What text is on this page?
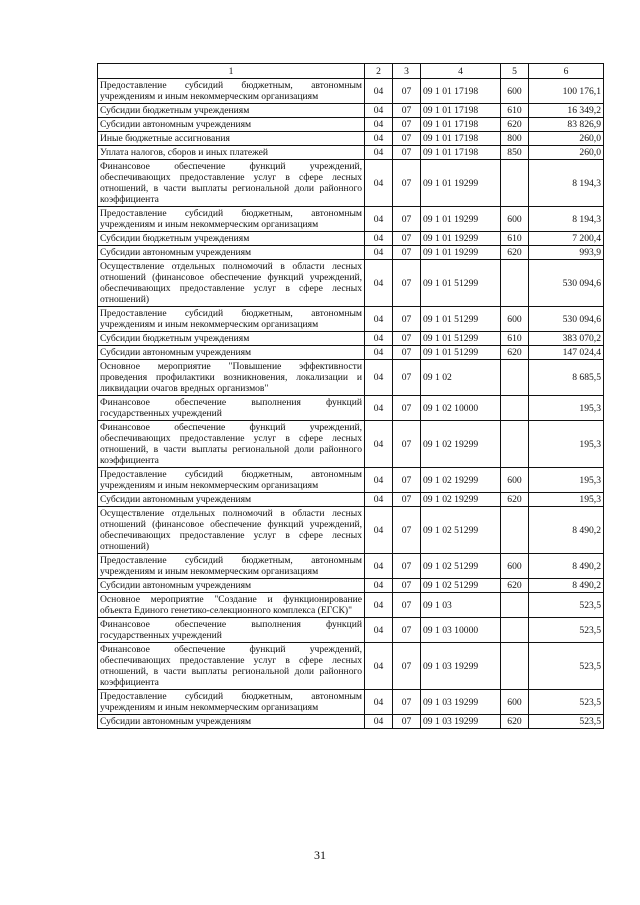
1	2	3	4	5	6
Предоставление субсидий бюджетным, автономным учреждениям и иным некоммерческим организациям	04	07	09 1 01 17198	600	100 176,1
Субсидии бюджетным учреждениям	04	07	09 1 01 17198	610	16 349,2
Субсидии автономным учреждениям	04	07	09 1 01 17198	620	83 826,9
Иные бюджетные ассигнования	04	07	09 1 01 17198	800	260,0
Уплата налогов, сборов и иных платежей	04	07	09 1 01 17198	850	260,0
Финансовое обеспечение функций учреждений, обеспечивающих предоставление услуг в сфере лесных отношений, в части выплаты региональной доли районного коэффициента	04	07	09 1 01 19299		8 194,3
Предоставление субсидий бюджетным, автономным учреждениям и иным некоммерческим организациям	04	07	09 1 01 19299	600	8 194,3
Субсидии бюджетным учреждениям	04	07	09 1 01 19299	610	7 200,4
Субсидии автономным учреждениям	04	07	09 1 01 19299	620	993,9
Осуществление отдельных полномочий в области лесных отношений (финансовое обеспечение функций учреждений, обеспечивающих предоставление услуг в сфере лесных отношений)	04	07	09 1 01 51299		530 094,6
Предоставление субсидий бюджетным, автономным учреждениям и иным некоммерческим организациям	04	07	09 1 01 51299	600	530 094,6
Субсидии бюджетным учреждениям	04	07	09 1 01 51299	610	383 070,2
Субсидии автономным учреждениям	04	07	09 1 01 51299	620	147 024,4
Основное мероприятие "Повышение эффективности проведения профилактики возникновения, локализации и ликвидации очагов вредных организмов"	04	07	09 1 02		8 685,5
Финансовое обеспечение выполнения функций государственных учреждений	04	07	09 1 02 10000		195,3
Финансовое обеспечение функций учреждений, обеспечивающих предоставление услуг в сфере лесных отношений, в части выплаты региональной доли районного коэффициента	04	07	09 1 02 19299		195,3
Предоставление субсидий бюджетным, автономным учреждениям и иным некоммерческим организациям	04	07	09 1 02 19299	600	195,3
Субсидии автономным учреждениям	04	07	09 1 02 19299	620	195,3
Осуществление отдельных полномочий в области лесных отношений (финансовое обеспечение функций учреждений, обеспечивающих предоставление услуг в сфере лесных отношений)	04	07	09 1 02 51299		8 490,2
Предоставление субсидий бюджетным, автономным учреждениям и иным некоммерческим организациям	04	07	09 1 02 51299	600	8 490,2
Субсидии автономным учреждениям	04	07	09 1 02 51299	620	8 490,2
Основное мероприятие "Создание и функционирование объекта Единого генетико-селекционного комплекса (ЕГСК)"	04	07	09 1 03		523,5
Финансовое обеспечение выполнения функций государственных учреждений	04	07	09 1 03 10000		523,5
Финансовое обеспечение функций учреждений, обеспечивающих предоставление услуг в сфере лесных отношений, в части выплаты региональной доли районного коэффициента	04	07	09 1 03 19299		523,5
Предоставление субсидий бюджетным, автономным учреждениям и иным некоммерческим организациям	04	07	09 1 03 19299	600	523,5
Субсидии автономным учреждениям	04	07	09 1 03 19299	620	523,5
31
